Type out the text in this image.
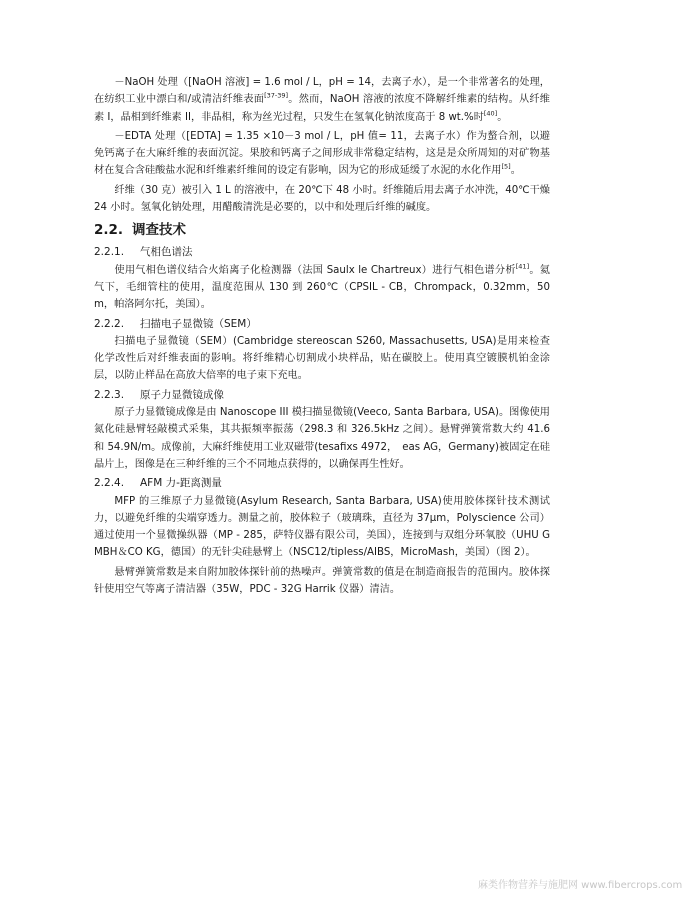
－NaOH 处理（[NaOH 溶液] = 1.6 mol / L，pH = 14，去离子水），是一个非常著名的处理，在纺织工业中漂白和/或清洁纤维表面[37-39]。然而，NaOH 溶液的浓度不降解纤维素的结构。从纤维素 I，晶相到纤维素 II，非晶相，称为丝光过程，只发生在氢氧化钠浓度高于 8 wt.%时[40]。

－EDTA 处理（[EDTA] = 1.35 ×10－3 mol / L，pH 值= 11，去离子水）作为螯合剂，以避免钙离子在大麻纤维的表面沉淀。果胶和钙离子之间形成非常稳定结构，这是是众所周知的对矿物基材在复合含硅酸盐水泥和纤维素纤维间的设定有影响，因为它的形成延缓了水泥的水化作用[5]。

纤维（30 克）被引入 1 L 的溶液中，在 20℃下 48 小时。纤维随后用去离子水冲洗，40℃干燥 24 小时。氢氧化钠处理，用醋酸清洗是必要的，以中和处理后纤维的碱度。

2.2. 调查技术
2.2.1. 气相色谱法

使用气相色谱仪结合火焰离子化检测器（法国 Saulx le Chartreux）进行气相色谱分析[41]。氦气下，毛细管柱的使用，温度范围从 130 到 260℃（CPSIL - CB，Chrompack，0.32mm，50m，帕洛阿尔托，美国）。

2.2.2. 扫描电子显微镜（SEM）

扫描电子显微镜（SEM）(Cambridge stereoscan S260, Massachusetts, USA)是用来检查化学改性后对纤维表面的影响。将纤维精心切割成小块样品，贴在碳胶上。使用真空镀膜机铂金涂层，以防止样品在高放大倍率的电子束下充电。

2.2.3. 原子力显微镜成像

原子力显微镜成像是由 Nanoscope III 模扫描显微镜(Veeco, Santa Barbara, USA)。图像使用氮化硅悬臂轻敲模式采集，其共振频率振荡（298.3 和 326.5kHz 之间）。悬臂弹簧常数大约 41.6 和 54.9N/m。成像前，大麻纤维使用工业双磁带(tesafixs 4972，　eas AG，Germany)被固定在硅晶片上，图像是在三种纤维的三个不同地点获得的，以确保再生性好。

2.2.4. AFM 力-距离测量

MFP 的三维原子力显微镜(Asylum Research, Santa Barbara, USA)使用胶体探针技术测试力，以避免纤维的尖端穿透力。测量之前，胶体粒子（玻璃珠，直径为 37μm，Polyscience 公司）通过使用一个显微操纵器（MP - 285，萨特仪器有限公司，美国），连接到与双组分环氧胶（UHU GMBH＆CO KG，德国）的无针尖硅悬臂上（NSC12/tipless/AIBS，MicroMash，美国）（图 2）。

悬臂弹簧常数是来自附加胶体探针前的热噪声。弹簧常数的值是在制造商报告的范围内。胶体探针使用空气等离子清洁器（35W，PDC - 32G Harrik 仪器）清洁。

麻类作物营养与施肥网 www.fibercrops.com
